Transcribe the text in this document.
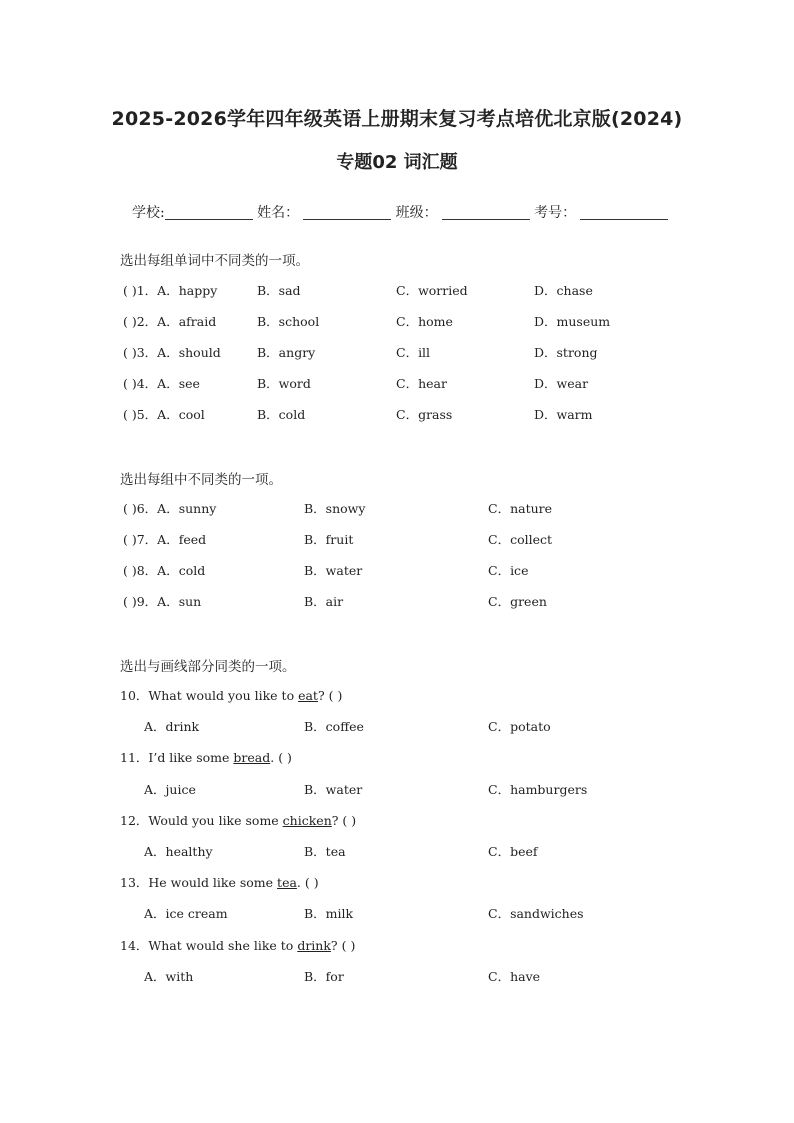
2025-2026学年四年级英语上册期末复习考点培优北京版(2024)
专题02 词汇题
学校:	姓名：	班级：	考号：
选出每组单词中不同类的一项。
( )1．A．happy	B．sad	C．worried	D．chase
( )2．A．afraid	B．school	C．home	D．museum
( )3．A．should	B．angry	C．ill	D．strong
( )4．A．see	B．word	C．hear	D．wear
( )5．A．cool	B．cold	C．grass	D．warm
选出每组中不同类的一项。
( )6．A．sunny	B．snowy	C．nature
( )7．A．feed	B．fruit	C．collect
( )8．A．cold	B．water	C．ice
( )9．A．sun	B．air	C．green
选出与画线部分同类的一项。
10．What would you like to eat? ( )
A．drink	B．coffee	C．potato
11．I’d like some bread. ( )
A．juice	B．water	C．hamburgers
12．Would you like some chicken? ( )
A．healthy	B．tea	C．beef
13．He would like some tea. ( )
A．ice cream	B．milk	C．sandwiches
14．What would she like to drink? ( )
A．with	B．for	C．have
